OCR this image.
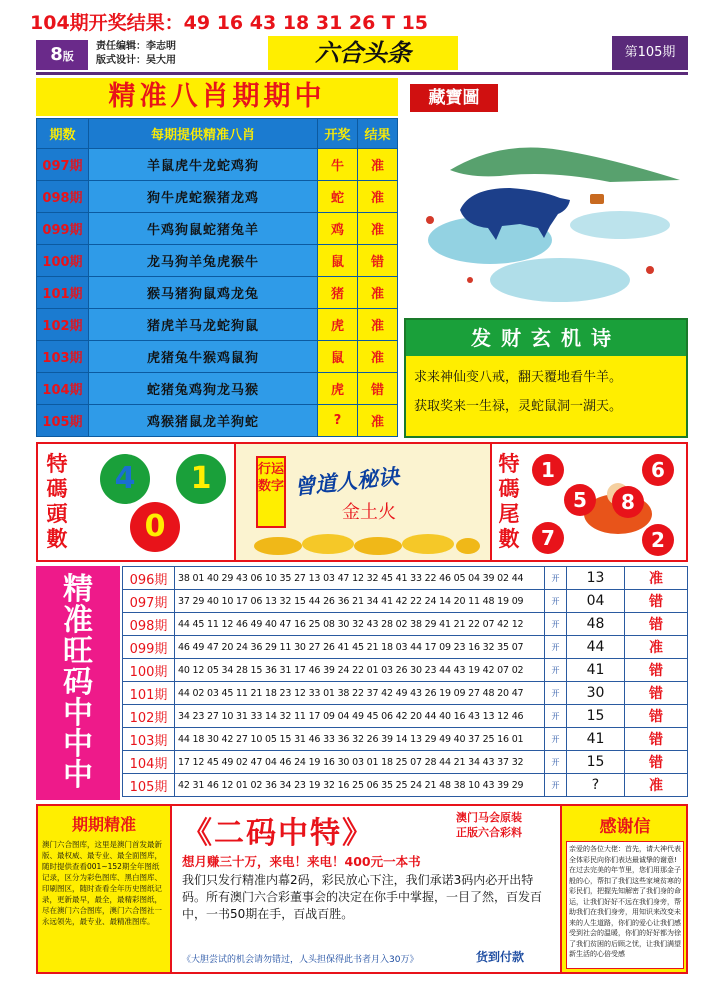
104期开奖结果：49 16 43 18 31 26 T 15
8版
责任编辑：李志明
版式设计：吴大用	六合头条	第105期
精准八肖期期中	藏寶圖
期数	每期提供精准八肖	开奖	结果
097期	羊鼠虎牛龙蛇鸡狗	牛	准
098期	狗牛虎蛇猴猪龙鸡	蛇	准
099期	牛鸡狗鼠蛇猪兔羊	鸡	准
100期	龙马狗羊兔虎猴牛	鼠	错
101期	猴马猪狗鼠鸡龙兔	猪	准
102期	猪虎羊马龙蛇狗鼠	虎	准
103期	虎猪兔牛猴鸡鼠狗	鼠	准
104期	蛇猪兔鸡狗龙马猴	虎	错
105期	鸡猴猪鼠龙羊狗蛇	?	准
发财玄机诗
求来神仙变八戒，翻天覆地看牛羊。
获取奖来一生禄，灵蛇鼠洞一湖天。
特
碼
頭
數
4	1
0
行运数字 曾道人秘诀
金土火
特
碼
尾
數
1	6
5	8
7	2
精
准
旺
码
中
中
中
096期	38 01 40 29 43 06 10 35 27 13 03 47 12 32 45 41 33 22 46 05 04 39 02 44	开	13	准
097期	37 29 40 10 17 06 13 32 15 44 26 36 21 34 41 42 22 24 14 20 11 48 19 09	开	04	错
098期	44 45 11 12 46 49 40 47 16 25 08 30 32 43 28 02 38 29 41 21 22 07 42 12	开	48	错
099期	46 49 47 20 24 36 29 11 30 27 26 41 45 21 18 03 44 17 09 23 16 32 35 07	开	44	准
100期	40 12 05 34 28 15 36 31 17 46 39 24 22 01 03 26 30 23 44 43 19 42 07 02	开	41	错
101期	44 02 03 45 11 21 18 23 12 33 01 38 22 37 42 49 43 26 19 09 27 48 20 47	开	30	错
102期	34 23 27 10 31 33 14 32 11 17 09 04 49 45 06 42 20 44 40 16 43 13 12 46	开	15	错
103期	44 18 30 42 27 10 05 15 31 46 33 36 32 26 39 14 13 29 49 40 37 25 16 01	开	41	错
104期	17 12 45 49 02 47 04 46 24 19 16 30 03 01 18 25 07 28 44 21 34 43 37 32	开	15	错
105期	42 31 46 12 01 02 36 34 23 19 32 16 25 06 35 25 24 21 48 38 10 43 39 29	开	?	准
期期精准
澳门六合图库，这里是澳门首发最新版、最权威、最专业、最全面图库，随时提供查看001~152期全年图纸记录，区分为彩色图库、黑白图库、印刷图区，随时查看全年历史图纸记录，更新最早，最全，最精彩图纸，尽在澳门六合图库，澳门六合图社一永远领先，最专业、最精准图库。
《二码中特》	澳门马会原装
正版六合彩料
想月赚三十万，来电！来电！400元一本书
我们只发行精准内幕2码，彩民放心下注，我们承诺3码内必开出特码。所有澳门六合彩董事会的决定在你手中掌握，一目了然，百发百中，一书50期在手，百战百胜。
《大胆尝试的机会请勿错过，人头担保得此书者月入30万》	货到付款
感谢信
亲爱的各位大佬：首先，请大神代表全体彩民向你们表达最诚挚的谢意!在过去完美的年节里，您们用那金子般的心，帮扣了我们这些家境贫寒的彩民们，把握先知解密了我们身的命运，让我们好好不远在我们身旁，帮助我们在我们身旁，用知识来改变未来的人生道路，你们的爱心让我们感受到社会的温暖，你们的好好都为徐了我们贫困的后顾之忧，让我们满望新生活的心倍受感
